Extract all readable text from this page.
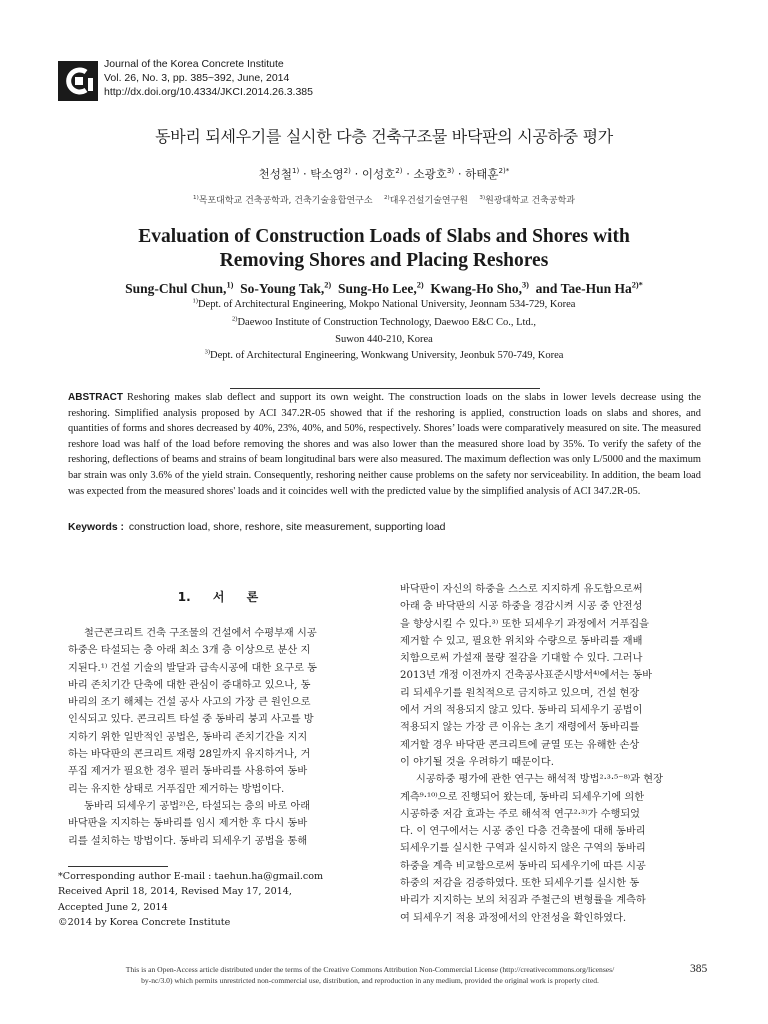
Journal of the Korea Concrete Institute
Vol. 26, No. 3, pp. 385~392, June, 2014
http://dx.doi.org/10.4334/JKCI.2014.26.3.385
동바리 되세우기를 실시한 다층 건축구조물 바닥판의 시공하중 평가
천성철$^{1)}$ · 탁소영$^{2)}$ · 이성호$^{2)}$ · 소광호$^{3)}$ · 하태훈$^{2)*}$
$^{1)}$목포대학교 건축공학과, 건축기술융합연구소 $^{2)}$대우건설기술연구원 $^{3)}$원광대학교 건축공학과
Evaluation of Construction Loads of Slabs and Shores with
Removing Shores and Placing Reshores
Sung-Chul Chun,$^{1)}$ So-Young Tak,$^{2)}$ Sung-Ho Lee,$^{2)}$ Kwang-Ho Sho,$^{3)}$ and Tae-Hun $Ha^{2)*}$
$^{1)}$Dept. of Architectural Engineering, Mokpo National University, Jeonnam 534-729, Korea
$^{2)}$Daewoo Institute of Construction Technology, Daewoo E&C Co., Ltd.,
Suwon 440-210, Korea
$^{3)}$Dept. of Architectural Engineering, Wonkwang University, Jeonbuk 570-749, Korea
ABSTRACT Reshoring makes slab deflect and support its own weight. The construction loads on the slabs in lower levels decrease using the reshoring. Simplified analysis proposed by ACI 347.2R-05 showed that if the reshoring is applied, construction loads on slabs and shores, and quantities of forms and shores decreased by 40%, 23%, 40%, and 50%, respectively. Shores’ loads were comparatively measured on site. The measured reshore load was half of the load before removing the shores and was also lower than the measured shore load by 35%. To verify the safety of the reshoring, deflections of beams and strains of beam longitudinal bars were also measured. The maximum deflection was only L/5000 and the maximum bar strain was only 3.6% of the yield strain. Consequently, reshoring neither cause problems on the safety nor serviceability. In addition, the beam load was expected from the measured shores' loads and it coincides well with the predicted value by the simplified analysis of ACI 347.2R-05.
Keywords : construction load, shore, reshore, site measurement, supporting load
1. 서 론

철근콘크리트 건축 구조물의 건설에서 수평부재 시공

하중은 타설되는 층 아래 최소 3개 층 이상으로 분산 지

지된다.¹⁾ 건설 기술의 발달과 급속시공에 대한 요구로 동

바리 존치기간 단축에 대한 관심이 증대하고 있으나, 동

바리의 조기 해체는 건설 공사 사고의 가장 큰 원인으로

인식되고 있다. 콘크리트 타설 중 동바리 붕괴 사고를 방

지하기 위한 일반적인 공법은, 동바리 존치기간을 지지

하는 바닥판의 콘크리트 재령 28일까지 유지하거나, 거

푸집 제거가 필요한 경우 필러 동바리를 사용하여 동바

리는 유지한 상태로 거푸집만 제거하는 방법이다.

동바리 되세우기 공법²⁾은, 타설되는 층의 바로 아래

바닥판을 지지하는 동바리를 임시 제거한 후 다시 동바

리를 설치하는 방법이다. 동바리 되세우기 공법을 통해

바닥판이 자신의 하중을 스스로 지지하게 유도함으로써

아래 층 바닥판의 시공 하중을 경감시켜 시공 중 안전성

을 향상시킬 수 있다.³⁾ 또한 되세우기 과정에서 거푸집을

제거할 수 있고, 필요한 위치와 수량으로 동바리를 재배

치함으로써 가설재 물량 절감을 기대할 수 있다. 그러나

2013년 개정 이전까지 건축공사표준시방서⁴⁾에서는 동바

리 되세우기를 원칙적으로 금지하고 있으며, 건설 현장

에서 거의 적용되지 않고 있다. 동바리 되세우기 공법이

적용되지 않는 가장 큰 이유는 초기 재령에서 동바리를

제거할 경우 바닥판 콘크리트에 균열 또는 유해한 손상

이 야기될 것을 우려하기 때문이다.

시공하중 평가에 관한 연구는 해석적 방법²·³·⁵⁻⁸⁾과 현장

계측⁹·¹⁰⁾으로 진행되어 왔는데, 동바리 되세우기에 의한

시공하중 저감 효과는 주로 해석적 연구²·³⁾가 수행되었

다. 이 연구에서는 시공 중인 다층 건축물에 대해 동바리

되세우기를 실시한 구역과 실시하지 않은 구역의 동바리

하중을 계측 비교함으로써 동바리 되세우기에 따른 시공

하중의 저감을 검증하였다. 또한 되세우기를 실시한 동

바리가 지지하는 보의 처짐과 주철근의 변형률을 계측하

여 되세우기 적용 과정에서의 안전성을 확인하였다.

*Corresponding author E-mail : taehun.ha@gmail.com
Received April 18, 2014, Revised May 17, 2014,
Accepted June 2, 2014
©2014 by Korea Concrete Institute
This is an Open-Access article distributed under the terms of the Creative Commons Attribution Non-Commercial License (http://creativecommons.org/licenses/
by-nc/3.0) which permits unrestricted non-commercial use, distribution, and reproduction in any medium, provided the original work is properly cited.
385
